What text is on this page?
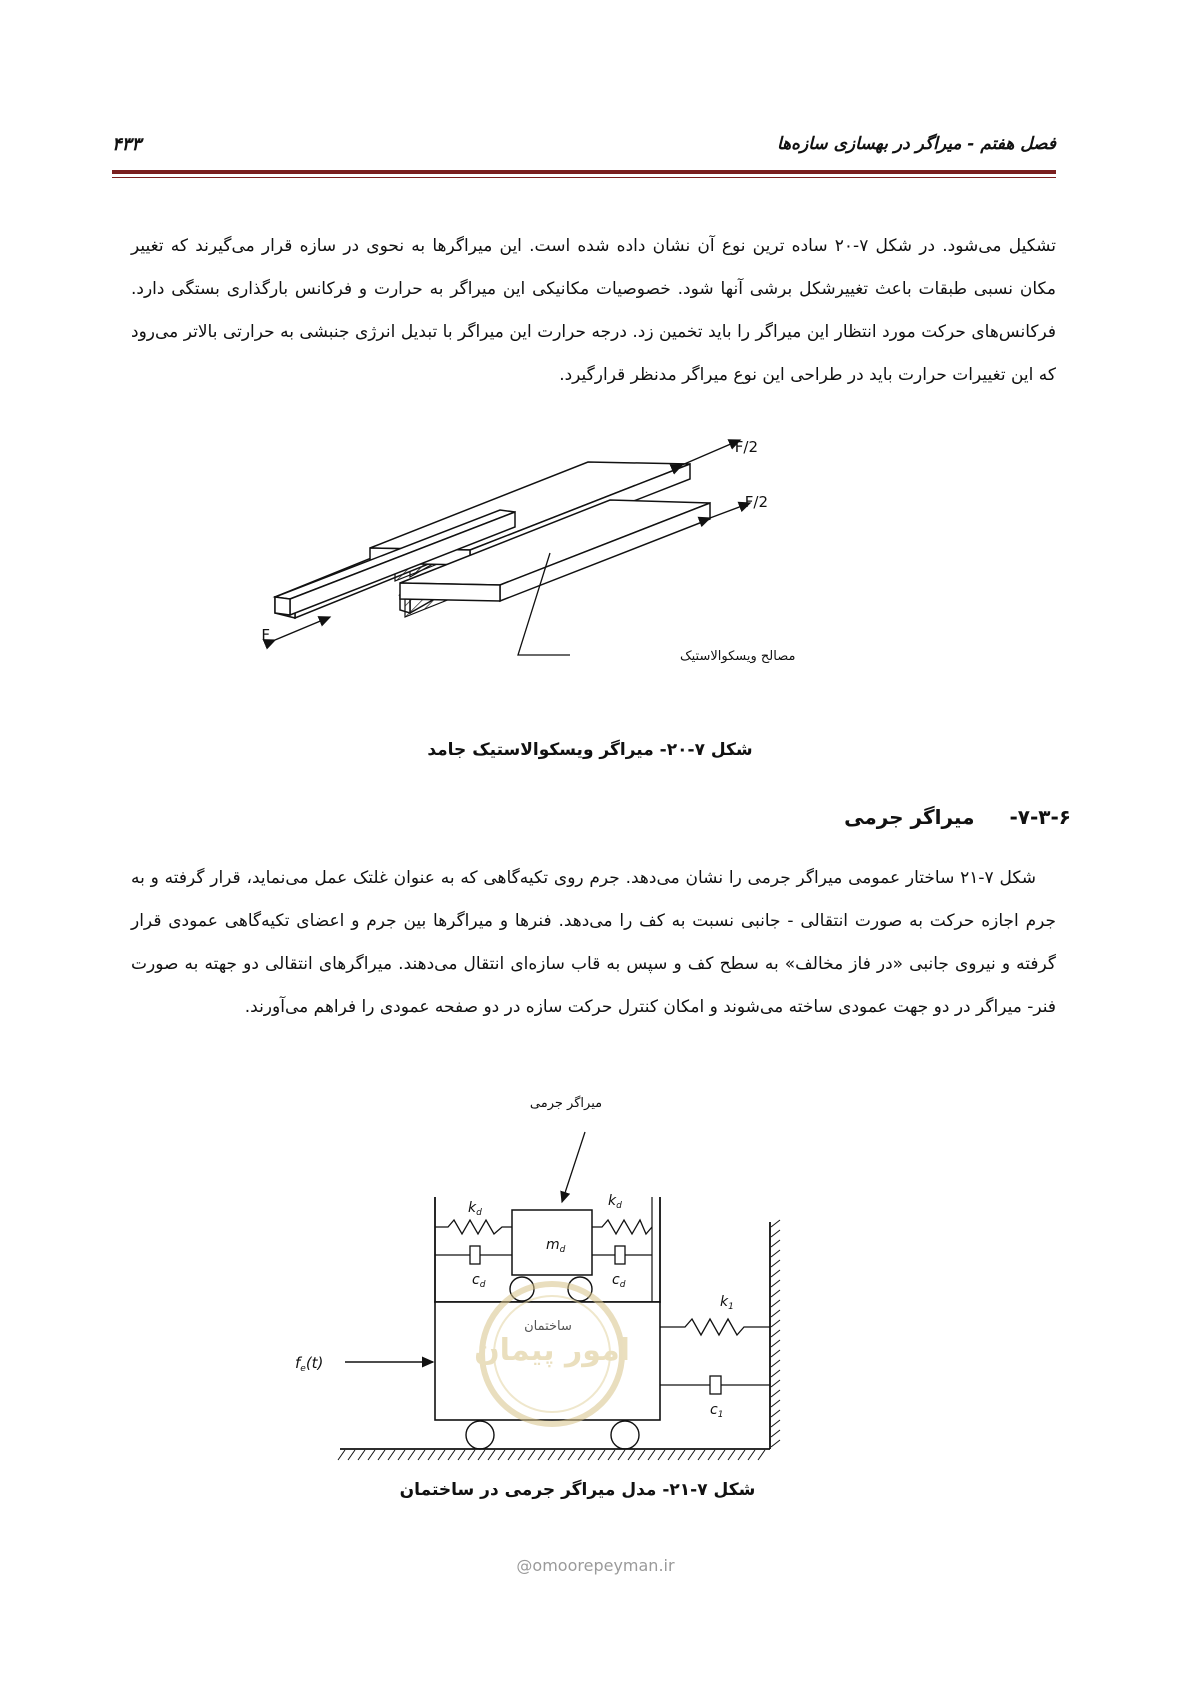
فصل هفتم - میراگر در بهسازی سازه‌ها
۴۳۳

تشکیل می‌شود. در شکل ۷-۲۰ ساده ترین نوع آن نشان داده شده است. این میراگرها به نحوی در سازه قرار می‌گیرند که تغییر مکان نسبی طبقات باعث تغییرشکل برشی آنها شود. خصوصیات مکانیکی این میراگر به حرارت و فرکانس بارگذاری بستگی دارد. فرکانس‌های حرکت مورد انتظار این میراگر را باید تخمین زد. درجه حرارت این میراگر با تبدیل انرژی جنبشی به حرارتی بالاتر می‌رود که این تغییرات حرارت باید در طراحی این نوع میراگر مدنظر قرارگیرد.

F/2
F/2
F
مصالح ویسکوالاستیک
شکل ۷-۲۰- میراگر ویسکوالاستیک جامد
۷-۳-۶- میراگر جرمی

شکل ۷-۲۱ ساختار عمومی میراگر جرمی را نشان می‌دهد. جرم روی تکیه‌گاهی که به عنوان غلتک عمل می‌نماید، قرار گرفته و به جرم اجازه حرکت به صورت انتقالی - جانبی نسبت به کف را می‌دهد. فنرها و میراگرها بین جرم و اعضای تکیه‌گاهی عمودی قرار گرفته و نیروی جانبی «در فاز مخالف» به سطح کف و سپس به قاب سازه‌ای انتقال می‌دهند. میراگرهای انتقالی دو جهته به صورت فنر- میراگر در دو جهت عمودی ساخته می‌شوند و امکان کنترل حرکت سازه در دو صفحه عمودی را فراهم می‌آورند.

میراگر جرمی
$m_d$
$k_d$
$k_d$
$c_d$	$c_d$
ساختمان
امور پیمان
$k_1$
$c_1$
$f_e(t)$
شکل ۷-۲۱- مدل میراگر جرمی در ساختمان
@omoorepeyman.ir
